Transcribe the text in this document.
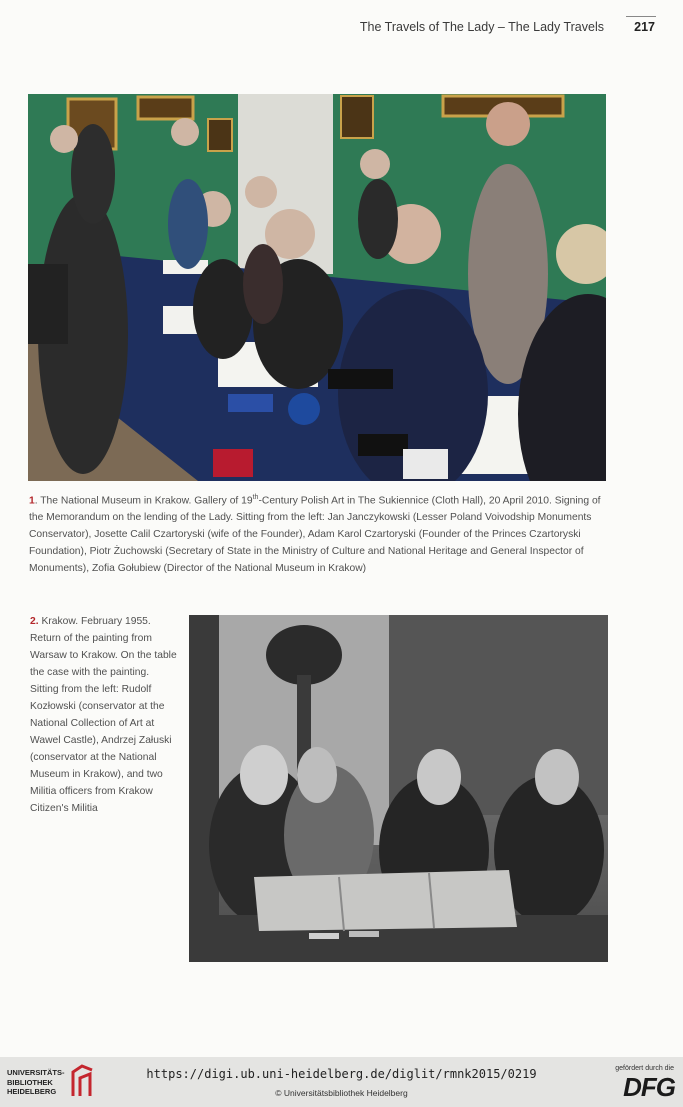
The Travels of The Lady – The Lady Travels 217

1. The National Museum in Krakow. Gallery of 19th-Century Polish Art in The Sukiennice (Cloth Hall), 20 April 2010. Signing of the Memorandum on the lending of the Lady. Sitting from the left: Jan Janczykowski (Lesser Poland Voivodship Monuments Conservator), Josette Calil Czartoryski (wife of the Founder), Adam Karol Czartoryski (Founder of the Princes Czartoryski Foundation), Piotr Żuchowski (Secretary of State in the Ministry of Culture and National Heritage and General Inspector of Monuments), Zofia Gołubiew (Director of the National Museum in Krakow)

2. Krakow. February 1955. Return of the painting from Warsaw to Krakow. On the table the case with the painting. Sitting from the left: Rudolf Kozłowski (conservator at the National Collection of Art at Wawel Castle), Andrzej Załuski (conservator at the National Museum in Krakow), and two Militia officers from Krakow Citizen's Militia

UNIVERSITÄTS-
BIBLIOTHEK
HEIDELBERG
https://digi.ub.uni-heidelberg.de/diglit/rmnk2015/0219
© Universitätsbibliothek Heidelberg
gefördert durch die
DFG
